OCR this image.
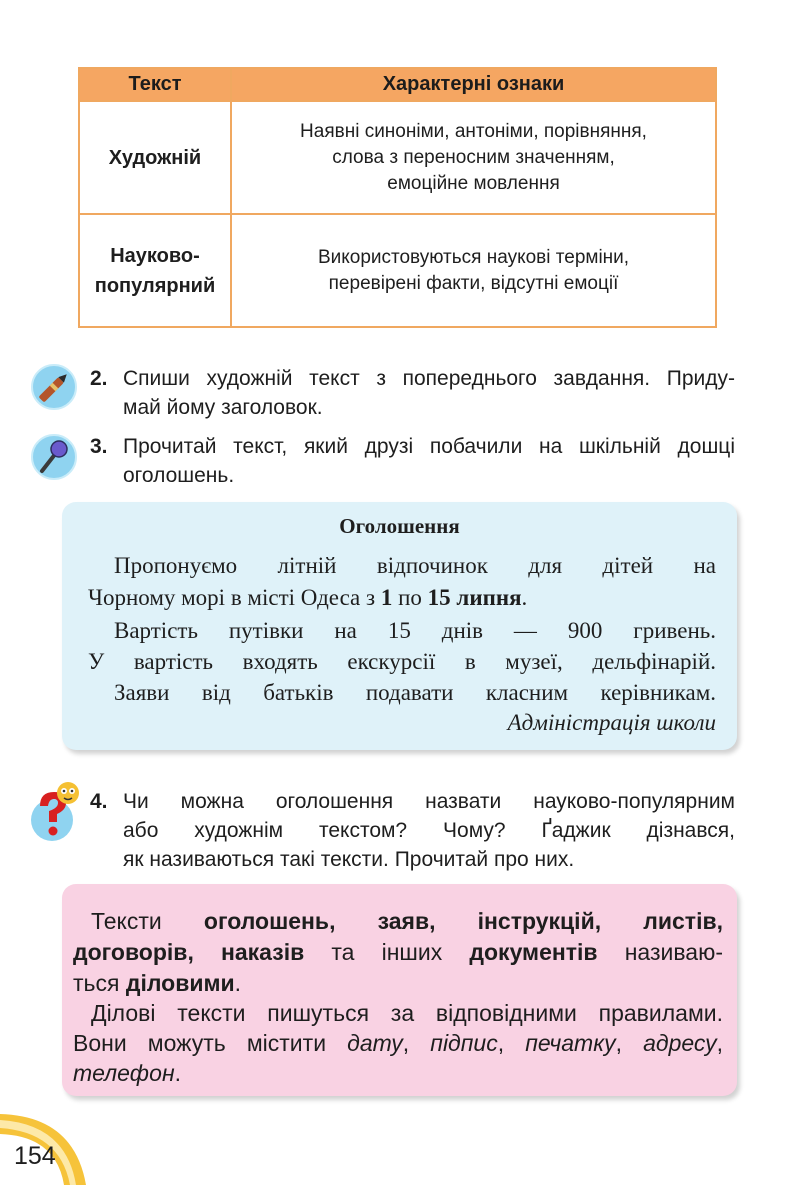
Текст	Характерні ознаки
Художній	Наявні синоніми, антоніми, порівняння,
слова з переносним значенням,
емоційне мовлення

Науково-
популярний	Використовуються наукові терміни,
перевірені факти, відсутні емоції
2. Спиши художній текст з попереднього завдання. Приду-
май йому заголовок.
3. Прочитай текст, який друзі побачили на шкільній дошці
оголошень.
Оголошення
Пропонуємо літній відпочинок для дітей на
Чорному морі в місті Одеса з 1 по 15 липня.
Вартість путівки на 15 днів — 900 гривень.
У вартість входять екскурсії в музеї, дельфінарій.
Заяви від батьків подавати класним керівникам.
Адміністрація школи
4. Чи можна оголошення назвати науково-популярним
або художнім текстом? Чому? Ґаджик дізнався,
як називаються такі тексти. Прочитай про них.
Тексти оголошень, заяв, інструкцій, листів,
договорів, наказів та інших документів називаю-
ться діловими.
Ділові тексти пишуться за відповідними правилами.
Вони можуть містити дату, підпис, печатку, адресу,
телефон.
154
